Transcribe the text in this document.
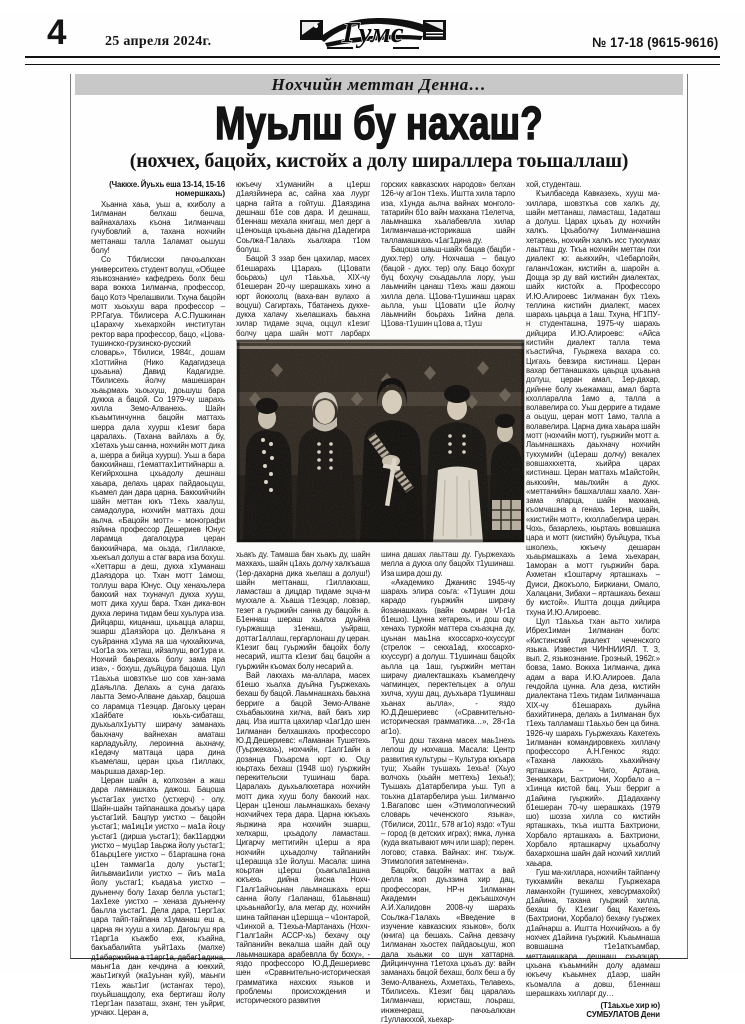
4	25 апреля 2024г.	Гумс	№ 17-18 (9615-9616)
Нохчийн меттан Денна…
Муьлш бу нахаш?
(нохчех, бацойх, кистойх а долу шираллера тоьшаллаш)

(Чаккхе. Йуьхь еша 13-14, 15-16 номершкахь)

Хьанна хаьа, уьш а, кхиболу а 1илманан белхаш бешча, вайнахалахь къона 1илманчаш гучубовлий а, тахана нохчийн меттанаш талла 1аламат оьшуш болу!

Со Тбилисски пачхьалкхан университехь студент волуш, «Общее языкознание» кафедрехь болх беш вара воккха 1илманча, профессор, бацо Котэ Чрелашвили. Тхуна бацойн мотт хьоьхуш вара профессор – Р.Р.Гагуа. Тбилисера А.С.Пушкинан ц1арахчу хьехархойн институтан ректор вара профессор, бацо, «Цова-тушинско-грузинско-русский словарь», Тбилиси, 1984г., дошам х1оттийна (Нико Кадагидзеца цхьаьна) Давид Кадагидзе. Тбилисехь йолчу машешаран хьаьрмахь хьоьхуш, доьшуш бара дуккха а бацой. Со 1979-чу шарахь хилла Земо-Алванехь. Шайн къаьмтинчунна бацойн маттахь шерра дала хуурш к1езиг бара царалахь. (Тахана вайлахь а бу, х1етахь уьш санна, нохчийн мотт дика а, шерра а бийца хуурш). Уьш а бара баккхийнаш, г1ематтах1иттийнарш а. Кегийрхошна цхьадолу дешнаш хаьара, делахь царах пайдаоьцуш, къамел дан дара царна. Баккхийчийн шайн меттан юкъ т1ехь хаалуш, самадолура, нохчийн маттахь дош аьлча. «Бацойн мотт» - монографи язйина профессор Дешериев Юнус ларамца дагалоцура церан баккхийчара, ма оьзда, г1иллакхе, хьекъал долуш а стаг вара иза бохуш. «Хеттарш а деш, дукха х1уманаш д1аяздора цо. Тхан мотт 1амош, толлуш вара Юнус. Оцу хенахьлера баккхий нах тхуначул дукха хууш, мотт дика хууш бара. Тхан дика-вон дукха лерина тидам беш хуьлура иза. Дийцарш, кицанаш, цхьацца аларш, эшарш д1аязйора цо. Делкъана я суьйранна х1ума яа ша чукхайкхича, ч1ог1а эхь хеташ, ийзалуш, вог1ура и. Нохчий баьрехахь болу зама яра иза», - бохуш, дуьйцура бацоша. Цул т1аьхьа шовзткъе шо сов хан-зама д1аяьлла. Делахь а суна дагахь лаьтта Земо-Алване даьхар, бацоша со ларамца т1еэцар. Дагоьху церан х1айбате юьхь-сибаташ, дуьхьалх1уьтту ширачу заманахь баьхначу вайнехан аматаш карладуьйлу, лероинна аьхначу, к1едачу маттаца цара дина къамелаш, церан цхьа г1иллакх, маьршша дахар-1ер.

Церан шайн а, колхозан а жаш дара ламнашкахь дажош. Бацоша уьстаг1ах уистхо (устхерч) - олу. Шайн-шайн тайпанашка доькъу цара уьстаг1ий. Бацпур уистхо – бацойн уьстаг1; ма1иц1и уистхо – ма1а йоцу уьстаг1 (дирша уьстаг1); бак11арджи уистхо – муц1ар 1аьржа йолу уьстаг1; б1аьрц1еге уистхо – б1аргашна гона ц1ен таммаг1а долу уьстаг1; йильвмаи1или уистхо – йиъ ма1а йолу уьстаг1; къадаъа уистхо – дуьненчу болу 1ахар белла уьстаг1; 1ах1ехе уистхо – хеназа дуьненчу баьлла уьстаг1. Дела дара, т1ерг1ах цара тайп-тайпана х1уманаш еш а, царна ян хууш а хилар. Дагоьгуш яра т1арг1а къажбо ехк, къайна, бакъабалийта уьйт1ахь (малхе) д1абаржийна а т1арг1а, дабаг1адина, маьнг1а дан кечдина а юекхий, жаьт1игкуй (жа1уьнан куй), маьнги т1ехь жаьт1иг (истангах теро), пхуьйшащдолу, еха бертигаш йолу т1ерг1ан пазаташ, эханг, тен уьйриг, урчакх. Церан а,

юкъечу х1уманийн а ц1ерш д1аязйинера ас, сайна хаа луург царна гайта а гойтуш. Д1аяздина дешнаш б1е сов дара. И дешнаш, б1еннаш мехала книгаш, мел дерг а ц1еноьща цхьаьна даьгна д1адегира Соьлжа-Г1алахь хьалхара т1ом болуш.

Бацой 3 эзар бен цахилар, масех б1ешарахь Ц1арахь (Ц1овати боьрахь) цул т1аьхьа, XIX-чу б1ешеран 20-чу шерашкахь хино а юрт йоккхолц (ваха-ван вулахо а воцуш) Сагиртахь, Тбатанехь дукхе-дукха халачу хьелашкахь баьхна хилар тидаме эцча, оццул к1езиг болчу цара шайн мотт ларбарх

хьакъ ду. Тамаша бан хьакъ ду, шайн махкахь, шайн ц1ахь долчу халкъаша (1ер-дахарна дика хьелаш а долуш!) шайн меттанаш, г1иллакхаш, ламасташ а дицдар тидаме эцча-м муххале а. Хьаша т1еэцар, ловзар, тезет а гуьржийн санна ду бацойн а. Б1еннаш шераш хьалха дуьйна гуьржашца з1енаш, уьйраш, доттаг1аллаш, гергарлонаш ду церан. К1езиг бац гуьржийн бацойх болу несарий, иштта к1езиг бац бацойн а гуьржийн къомах болу несарий а.

Вай лакхахь ма-аллара, масех б1ешо хьалха дуьйна Гуьржехахь бехаш бу бацой. Лаьмнашкахь баьхна берриге а бацой Земо-Алване схьабаьхкина хилча, вай бакъ хир дац. Иза иштта цахилар ч1аг1до шен 1илманан белхашкахь профессоро Ю.Д.Дешериевс: «Ламанан Тушетехь (Гуьржехахь), нохчийн, г1алг1айн а дозанца Пхьарсма юрт ю. Оцу юьртахь бехаш (1948 шо) гуьржийн перекительски тушинаш бара. Царалахь дуьхьалкхетара нохчийн мотт дика хууш болу баккхий нах. Церан ц1енош лаьмнашкахь бехачу нохчийчех тера дара. Царна юкъахь яьржина яра нохчийн эшарш, хелхарш, цхьадолу ламасташ. Цигарчу меттигийн ц1ерш а яра нохчийн цхьадолчу тайпанийн ц1ерашца з1е йолуш. Масала: шина коьртан ц1ерш (хьакъла1ашна юкъехь дийна йисна Нохч-Г1алг1айчоьнан лаьмнашкахь ерш санна йолу г1аланаш, б1аьвнаш) цхьаьнайог1у, ала мегар ду, нохчийн шина тайпанан ц1ершца – ч1онтарой, ч1инхой а. Т1ехьа-Мартанахь (Нохч-Г1алг1айн АССР-хь) бехачу оцу тайпанийн векалша шайн дай оцу лаьмнашкара арабевлла бу боху», - яздо профессоро Ю.Д.Дешериевс шен «Сравнительно-историческая грамматика нахских языков и проблемы происхождения и исторического развития

горских кавказских народов» белхан 126-чу аг1он т1ехь. Иштта хила тарло иза, х1унда аьлча вайнах монголо-татарийн б1о вайн махкана т1елетча, лаьмнашка хьалабевлла хилар 1илманчаша-историкаша шайн талламашкахь ч1аг1дина ду.

Бацоша шаьш-шайх бацав (бацби - дукх.тер) олу. Нохчаша – бацуо (бацой - дукх. тер) олу. Бацо бохург буц бохучу схьадаьлла лору, уьш лаьмнийн цанаш т1ехь жаш дажош хилла дела. Ц1ова-т1ушинаш царах аьлла, уьш Ц1овати ц1е йолчу лаьмнийн боьрахь 1ийна дела. Ц1ова-т1ушин ц1ова а, т1уш

шина дашах лаьтташ ду. Гуьржехахь мелла а дукха олу бацойх т1ушинаш. Иза шира дош ду.

«Академико Джанияс 1945-чу шарахь элира соьга: «Т1ушин дош карадо гуьржийн ширачу йозанашкахь (вайн оьмран VI-г1а б1ешо). Цунна хетарехь, и дош оцу хенахь туркойн маттера схьаэцна ду, цуьнан маь1на кхоссархо-кхуссург (стрелок – секха1ад, кхоссархо-кхуссург) а долуш. Т1ушинаш бацойх аьлла ца 1аш, гуьржийн меттан ширачу диалекташкахь къамелдечу чагминцех, перектельцех а олуш хилча, хууш дац, дуьхьара т1ушинаш хьанах аьлла», - яздо Ю.Д.Дешериевс («Сравнительно-историческая грамматика…», 28-г1а аг1о).

Туш дош тахана масех маь1нехь лелош ду нохчаша. Масала: Центр развития культуры – Культура юкъара туш; Хьайн туьшахь 1ехьа! (Хьуо волчохь (хьайн меттехь) 1ехьа!); Туьшахь д1атарбелира уьш. Туп а тоьхна д1атарбелира уьш. 1илманчо 1.Вагаповс шен «Этимологический словарь чеченского языка», (Тбилиси, 2011г., 578 аг1о) яздо: «Туш – город (в детских играх); ямка, лунка (куда вкатывают мяч или шар); перен. логово; ставка. Вайнах: инг. тхьуж. Этимология затемнена».

Бацойх, бацойн маттах а вай делла жоп дуьззина хир дац, профессоран, НР-н 1илманан Академин декъашхочун А.И.Халидовн 2008-чу шарахь Соьлжа-Г1алахь «Введение в изучение кавказских языков», болх (книга) ца бешахь. Сайна девзачу 1илманан хьостех пайдаоьцуш, жоп дала хьаьжи со шун хаттарна. Дийцинчунна т1етоха цхьаъ ду: вайн заманахь бацой бехаш, болх беш а бу Земо-Алванехь, Ахметахь, Телавехь, Тбилисехь. К1езиг бац царалахь 1илманчаш, юристаш, лоьраш, инженераш, пачхьалкхан г1уллакххой, хьехар-

хой, студенташ.

Къилбаседа Кавказехь, хууш ма-хиллара, шовзткъа сов халкъ ду, шайн меттанаш, ламасташ, 1адаташ а долуш. Царах цхьаъ ду нохчийн халкъ. Цхьаболчу 1илманчашна хетарехь, нохчийн халкъ исс тукхумах лаьтташ ду. Ткъа нохчийн меттан пхи диалект ю: аьккхийн, ч1ебарлойн, галанч1ожан, кистийн а, шаройн а. Доцца эр ду вай кистийн диалектах, шайх кистойх а. Профессоро И.Ю.Алироевс 1илманан бух т1ехь теллина кистийн диалект, масех шарахь цаьрца а 1аш. Тхуна, НГ1ПУ-н студенташна, 1975-чу шарахь дийцира И.Ю.Алироевс: «Айса кистийн диалект талла тема къастийча, Гуьржеха вахара со. Цигахь бевзира кистинаш. Церан вахар беттанашкахь цаьрца цхьаьна долуш, церан амал, 1ер-дахар, дийнне болу хьежамаш, амал барта кхолларалла 1амо а, талла а волавелира со. Уьш дерриге а тидаме а оьцуш, церан мотт 1амо, талла а волавелира. Царна дика хаьара шайн мотт (нохчийн мотт), гуьржийн мотт а. Лаьмнашкахь даьхначу нохчийн тукхумийн (ц1ераш долчу) векалех вовшахкхетта, хьийра царах кистинаш. Церан маттахь м1айстойн, аьккхийн, маьлхийн а дукх. «меттанийн» башхаллаш хаало. Хан-зама яларца, шайн махкана, къомчашна а генахь 1ерна, шайн, «кистийн мотт», кхоллабелира церан. Чохь, базарлехь, юьртахь вовшашка цара и мотт (кистийн) буьйцура, ткъа школехь, юкъечу дешаран хьаьрмашкахь а 1ема хьехаран, 1аморан а мотт гуьржийн бара. Ахметан к1оштарчу ярташкахь – Дуиси, Джокъоло, Биркиани, Омало, Халацани, Зибахи – ярташкахь бехаш бу кистой». Иштта доцца дийцира тхуна И.Ю.Алироевс.

Цул т1аьхьа тхан аьтто хилира Ибрех1иман 1илманан болх: «Кистинский диалект чеченского языка. Известия ЧИННИИЯЛ. Т. 3, вып. 2, языкознание. Грозный, 1962г.» бовза, 1амо. Воккха 1илманча, дика адам а вара И.Ю.Алироев. Дала гечдойла цунна. Ала деза, кистийн диалектана т1ехь тидам 1илманчаша XIX-чу б1ешарахь дуьйна бахийтинера, делахь а 1илманан бух т1ехь талламаш т1аьхьо бен ца бина. 1926-чу шарахь Гуьржехахь Кахетехь 1илманан командировкехь хиллачу профессоро А.Н.Генкос яздо: «Тахана лаккхахь хьахийначу ярташкахь – Чиго, Артана, Зенамхари, Бахтриони, Хорбало а – х1инца кистой бац. Уьш берриг а д1айина гуьржий». Д1адаханчу б1ешеран 70-чу шерашкахь (1979 шо) шозза хилла со кистийн ярташкахь, ткъа иштта Бахтриони, Хорбало ярташкахь а. Бахтриони, Хорбало ярташкарчу цхьаболчу бахархошна шайн дай нохчий хиллий хаьара.

Гуш ма-хиллара, нохчийн тайпанчу тукхамийн векалш Гуьржехара ламанхойн (тушинех, хевсурмахойх) д1айина, тахана гуьржий хилла, бехаш бу. К1езиг бац Кахетехь (Бахтриони, Хорбало) бехачу гуьржех д1айнарш а. Иштта Нохчийчохь а бу нохчех д1айина гуьржий. Къаьмнаша вовшашна т1е1аткъамбар, меттанашкара дешнаш схьаэцар, цхьана къаьмнийн долу адамаш юкъечу къаьмнех д1аэр, шайн къомалла а довш, б1еннаш шерашкахь хилларг ду…

(Т1аьхье хир ю)
СУМБУЛАТОВ Дени
